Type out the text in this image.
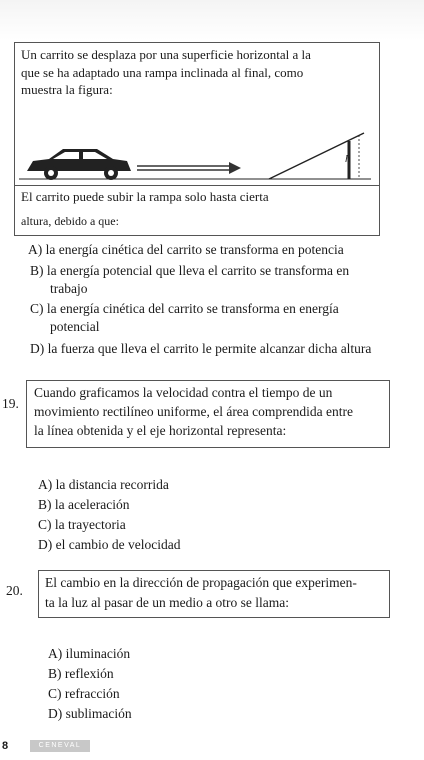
Un carrito se desplaza por una superficie horizontal a la
que se ha adaptado una rampa inclinada al final, como
muestra la figura:
h
El carrito puede subir la rampa solo hasta cierta
altura, debido a que:
A) la energía cinética del carrito se transforma en potencia
B) la energía potencial que lleva el carrito se transforma en
trabajo
C) la energía cinética del carrito se transforma en energía
potencial
D) la fuerza que lleva el carrito le permite alcanzar dicha altura
19.
Cuando graficamos la velocidad contra el tiempo de un
movimiento rectilíneo uniforme, el área comprendida entre
la línea obtenida y el eje horizontal representa:
A) la distancia recorrida
B) la aceleración
C) la trayectoria
D) el cambio de velocidad
20.
El cambio en la dirección de propagación que experimen-
ta la luz al pasar de un medio a otro se llama:
A) iluminación
B) reflexión
C) refracción
D) sublimación
8	CENEVAL
